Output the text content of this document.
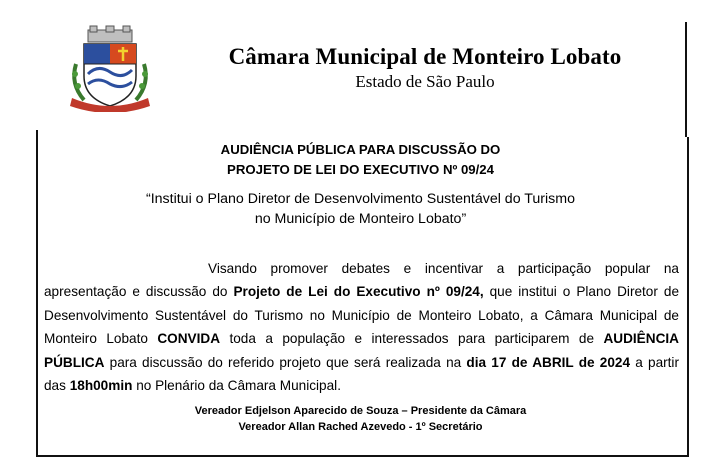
Câmara Municipal de Monteiro Lobato
Estado de São Paulo
AUDIÊNCIA PÚBLICA PARA DISCUSSÃO DO
PROJETO DE LEI DO EXECUTIVO Nº 09/24
“Institui o Plano Diretor de Desenvolvimento Sustentável do Turismo
no Município de Monteiro Lobato”
Visando promover debates e incentivar a participação popular na apresentação e discussão do Projeto de Lei do Executivo nº 09/24, que institui o Plano Diretor de Desenvolvimento Sustentável do Turismo no Município de Monteiro Lobato, a Câmara Municipal de Monteiro Lobato CONVIDA toda a população e interessados para participarem de AUDIÊNCIA PÚBLICA para discussão do referido projeto que será realizada na dia 17 de ABRIL de 2024 a partir das 18h00min no Plenário da Câmara Municipal.
Vereador Edjelson Aparecido de Souza – Presidente da Câmara
Vereador Allan Rached Azevedo - 1º Secretário
